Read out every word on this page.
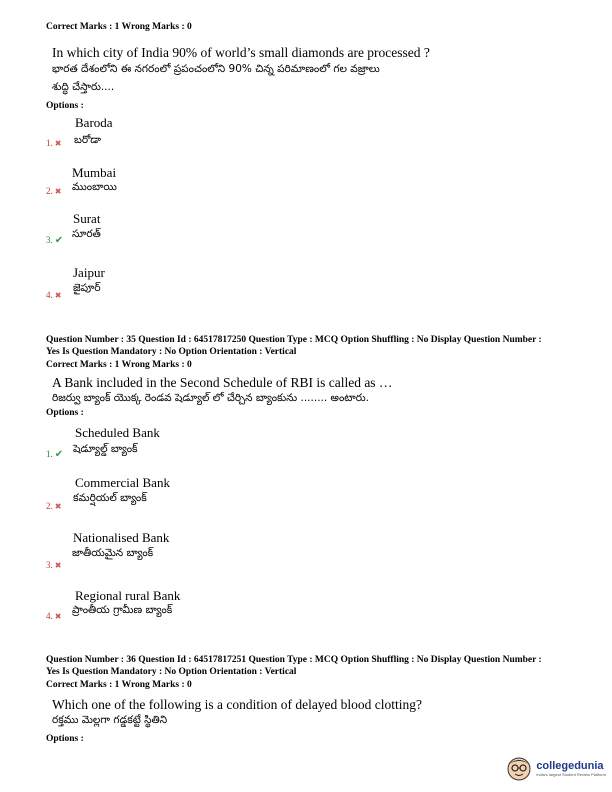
Correct Marks : 1 Wrong Marks : 0
In which city of India 90% of world’s small diamonds are processed ?
భారత దేశంలోని ఈ నగరంలో ప్రపంచంలోని 90% చిన్న పరిమాణంలో గల వజ్రాలు
శుద్ధి చేస్తారు....
Options :
Baroda
1. ✖ బరోడా
Mumbai
2. ✖ ముంబాయి
Surat
3. ✔
సూరత్
Jaipur
4. ✖
జైపూర్
Question Number : 35 Question Id : 64517817250 Question Type : MCQ Option Shuffling : No Display Question Number :
Yes Is Question Mandatory : No Option Orientation : Vertical
Correct Marks : 1 Wrong Marks : 0
A Bank included in the Second Schedule of RBI is called as …
రిజర్వు బ్యాంక్ యొక్క రెండవ షెడ్యూల్ లో చేర్చిన బ్యాంకును ........ అంటారు.
Options :
Scheduled Bank
1. ✔ షెడ్యూల్డ్ బ్యాంక్
Commercial Bank
2. ✖
కమర్షియల్ బ్యాంక్
Nationalised Bank
3. ✖
జాతీయమైన బ్యాంక్
Regional rural Bank
4. ✖
ప్రాంతీయ గ్రామీణ బ్యాంక్
Question Number : 36 Question Id : 64517817251 Question Type : MCQ Option Shuffling : No Display Question Number :
Yes Is Question Mandatory : No Option Orientation : Vertical
Correct Marks : 1 Wrong Marks : 0
Which one of the following is a condition of delayed blood clotting?
రక్తము మెల్లగా గడ్డకట్టే స్థితిని
Options :
collegedunia
India's largest Student Review Platform
